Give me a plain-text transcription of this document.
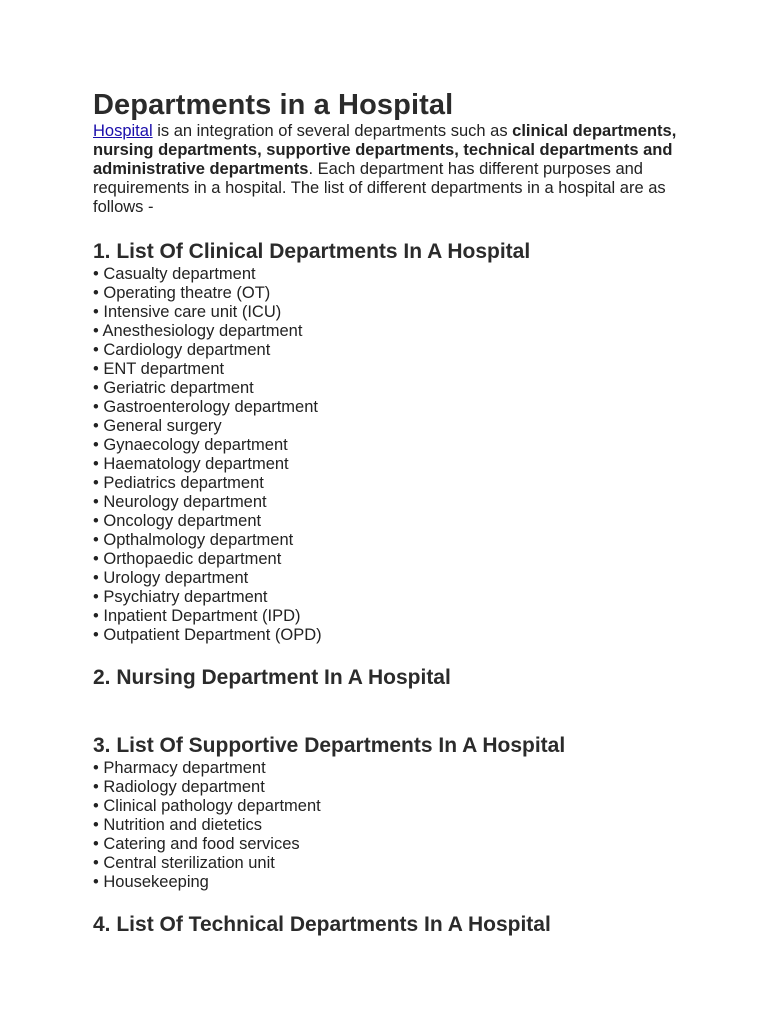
Departments in a Hospital

Hospital is an integration of several departments such as clinical departments, nursing departments, supportive departments, technical departments and administrative departments. Each department has different purposes and requirements in a hospital. The list of different departments in a hospital are as follows -

1. List Of Clinical Departments In A Hospital
• Casualty department
• Operating theatre (OT)
• Intensive care unit (ICU)
• Anesthesiology department
• Cardiology department
• ENT department
• Geriatric department
• Gastroenterology department
• General surgery
• Gynaecology department
• Haematology department
• Pediatrics department
• Neurology department
• Oncology department
• Opthalmology department
• Orthopaedic department
• Urology department
• Psychiatry department
• Inpatient Department (IPD)
• Outpatient Department (OPD)
2. Nursing Department In A Hospital
3. List Of Supportive Departments In A Hospital
• Pharmacy department
• Radiology department
• Clinical pathology department
• Nutrition and dietetics
• Catering and food services
• Central sterilization unit
• Housekeeping
4. List Of Technical Departments In A Hospital
